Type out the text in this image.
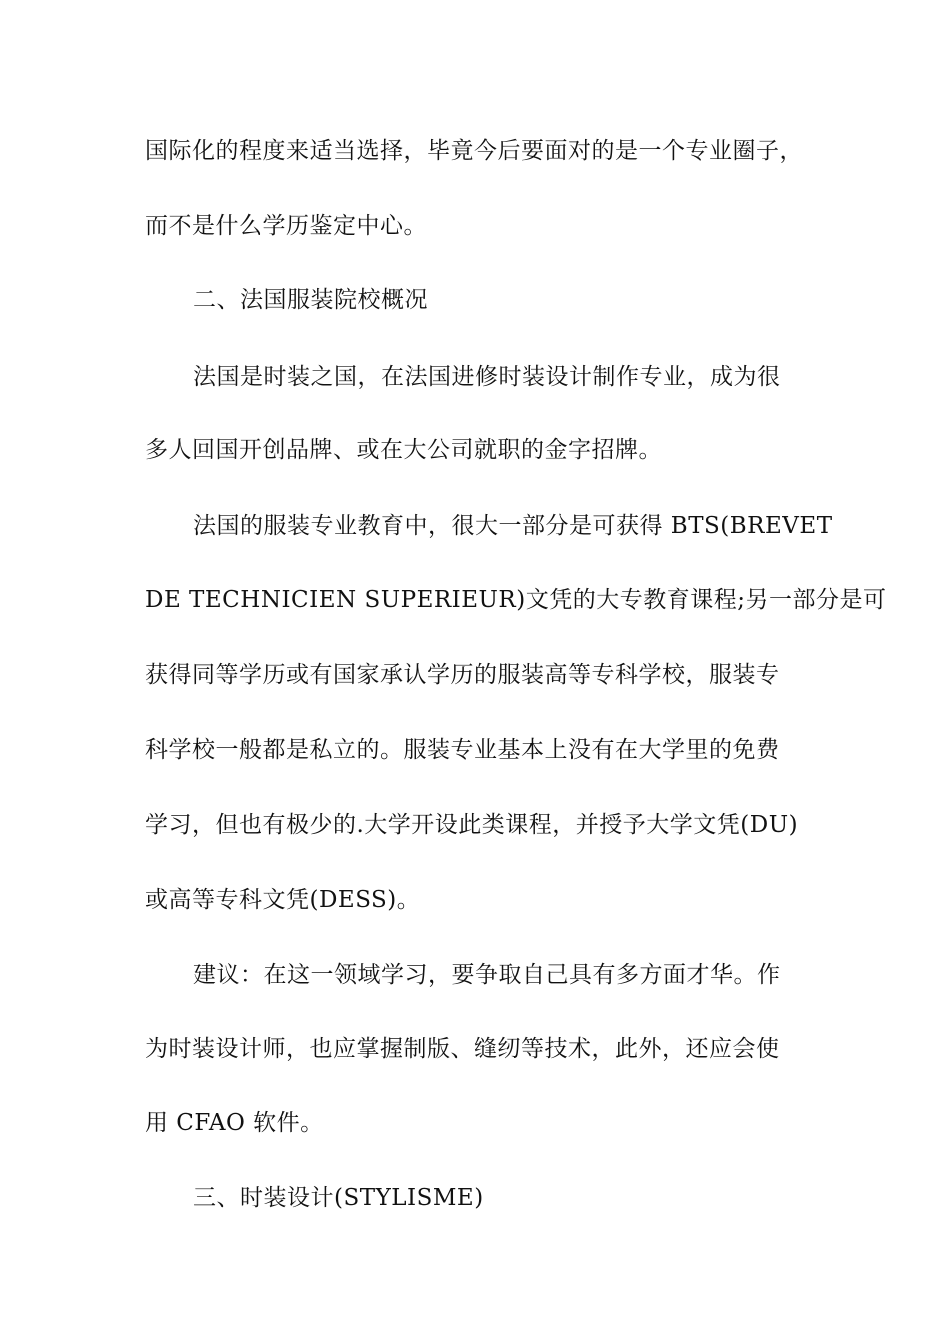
国际化的程度来适当选择，毕竟今后要面对的是一个专业圈子，
而不是什么学历鉴定中心。
二、法国服装院校概况
法国是时装之国，在法国进修时装设计制作专业，成为很
多人回国开创品牌、或在大公司就职的金字招牌。
法国的服装专业教育中，很大一部分是可获得 BTS(BREVET
DE TECHNICIEN SUPERIEUR)文凭的大专教育课程;另一部分是可
获得同等学历或有国家承认学历的服装高等专科学校，服装专
科学校一般都是私立的。服装专业基本上没有在大学里的免费
学习，但也有极少的.大学开设此类课程，并授予大学文凭(DU)
或高等专科文凭(DESS)。
建议：在这一领域学习，要争取自己具有多方面才华。作
为时装设计师，也应掌握制版、缝纫等技术，此外，还应会使
用 CFAO 软件。
三、时装设计(STYLISME)
